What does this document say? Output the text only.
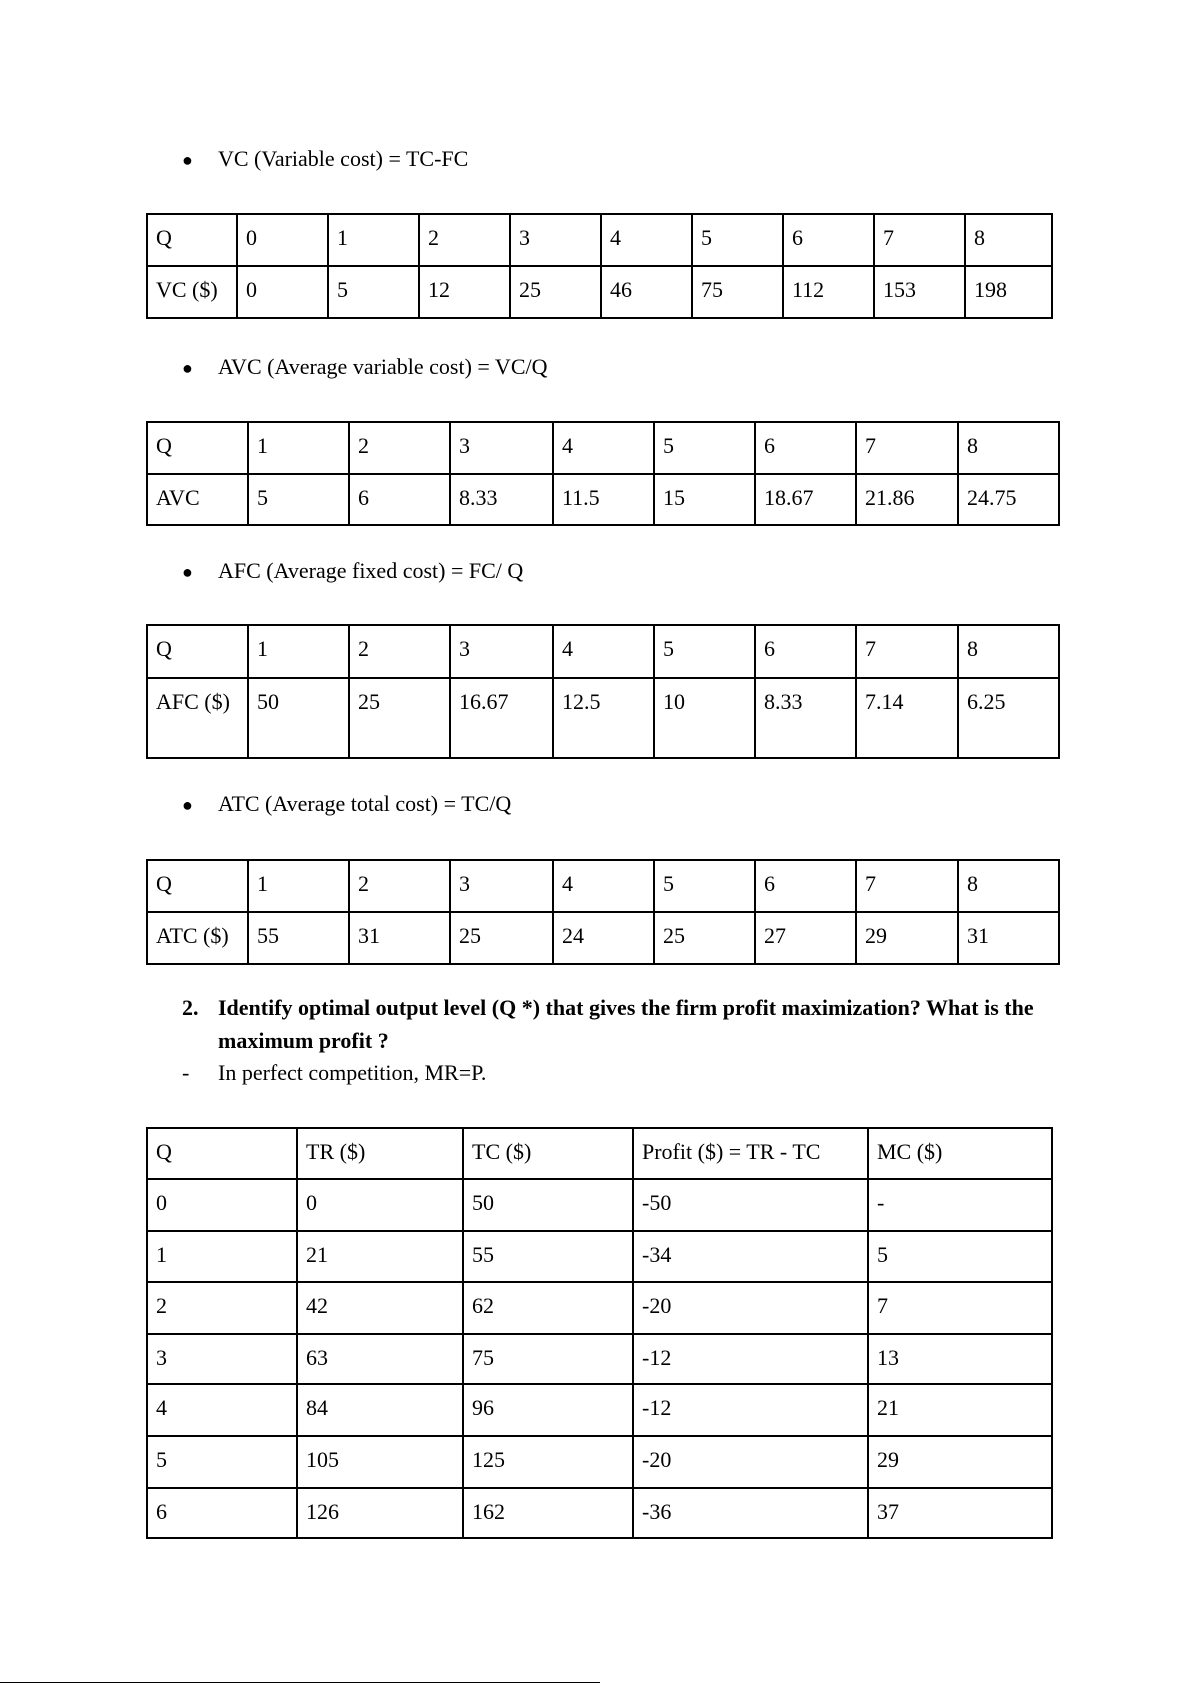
●	VC (Variable cost) = TC-FC
Q	0	1	2	3	4	5	6	7	8
VC ($)	0	5	12	25	46	75	112	153	198
●	AVC (Average variable cost) = VC/Q
Q	1	2	3	4	5	6	7	8
AVC	5	6	8.33	11.5	15	18.67	21.86	24.75
●	AFC (Average fixed cost) = FC/ Q
Q	1	2	3	4	5	6	7	8
AFC ($)	50	25	16.67	12.5	10	8.33	7.14	6.25
●	ATC (Average total cost) = TC/Q
Q	1	2	3	4	5	6	7	8
ATC ($)	55	31	25	24	25	27	29	31
2. Identify optimal output level (Q *) that gives the firm profit maximization? What is the maximum profit ?
-	In perfect competition, MR=P.
Q	TR ($)	TC ($)	Profit ($) = TR - TC	MC ($)
0	0	50	-50	-
1	21	55	-34	5
2	42	62	-20	7
3	63	75	-12	13
4	84	96	-12	21
5	105	125	-20	29
6	126	162	-36	37
